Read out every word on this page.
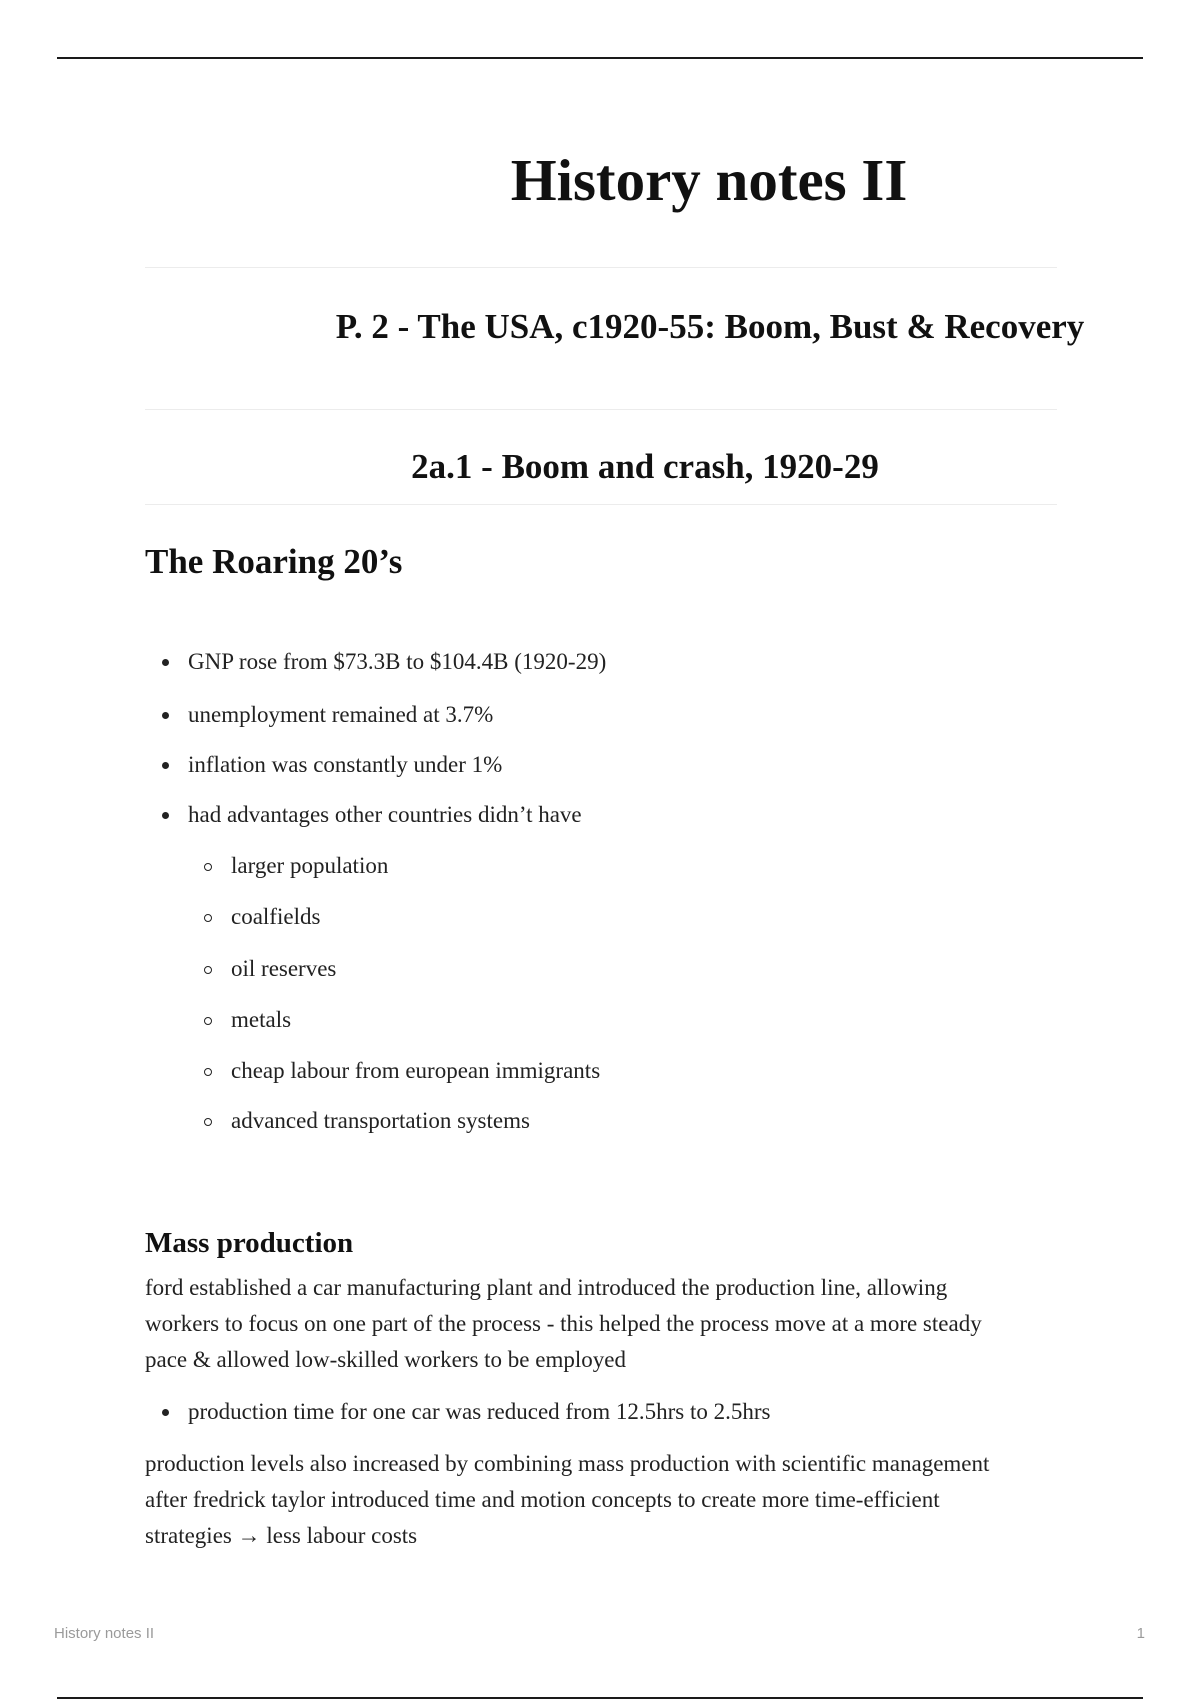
History notes II
P. 2 - The USA, c1920-55: Boom, Bust & Recovery
2a.1 - Boom and crash, 1920-29
The Roaring 20’s
GNP rose from $73.3B to $104.4B (1920-29)
unemployment remained at 3.7%
inflation was constantly under 1%
had advantages other countries didn’t have
larger population
coalfields
oil reserves
metals
cheap labour from european immigrants
advanced transportation systems
Mass production
ford established a car manufacturing plant and introduced the production line, allowing
workers to focus on one part of the process - this helped the process move at a more steady
pace & allowed low-skilled workers to be employed
production time for one car was reduced from 12.5hrs to 2.5hrs
production levels also increased by combining mass production with scientific management
after fredrick taylor introduced time and motion concepts to create more time-efficient
strategies → less labour costs
History notes II	1
